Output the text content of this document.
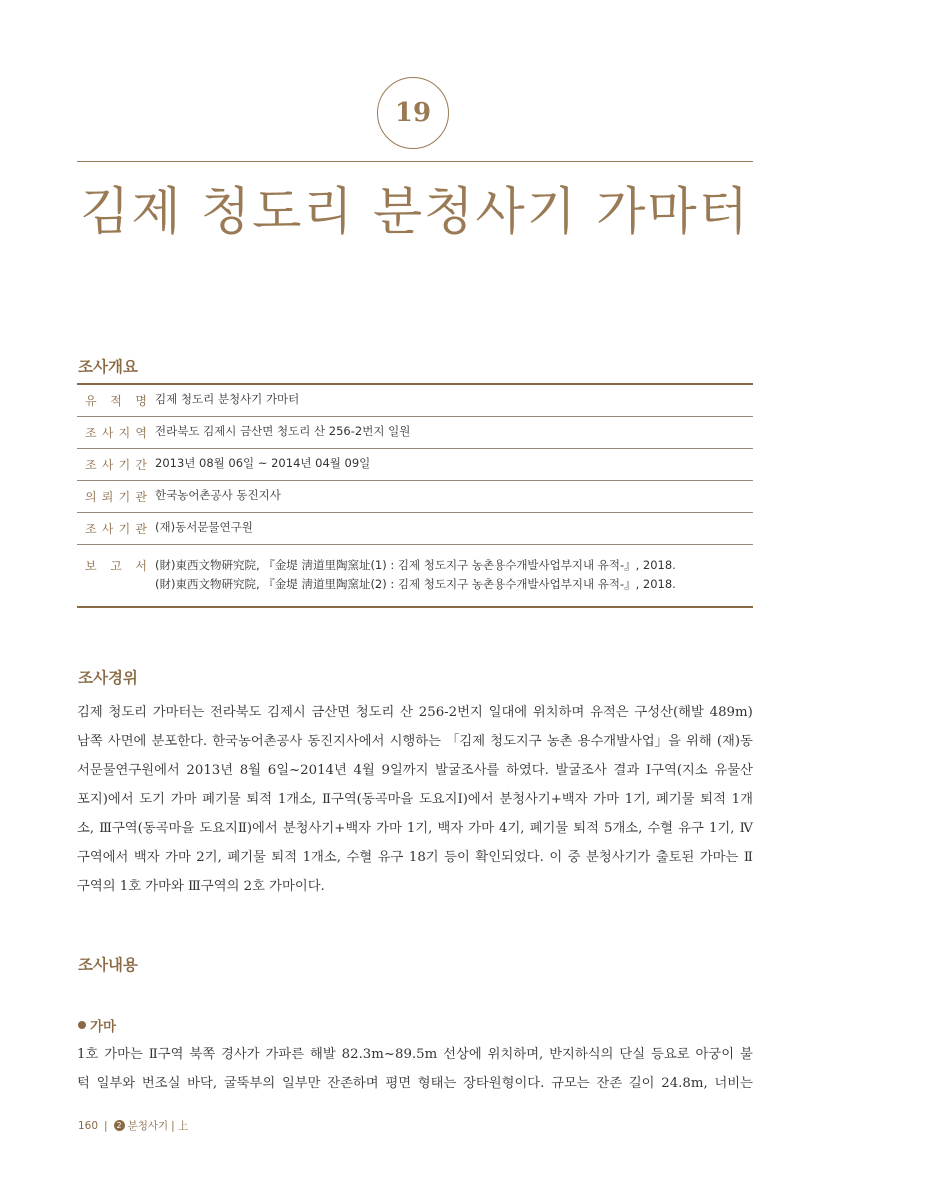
19
김제 청도리 분청사기 가마터
조사개요
유 적 명 김제 청도리 분청사기 가마터
조 사 지 역 전라북도 김제시 금산면 청도리 산 256-2번지 일원
조 사 기 간 2013년 08월 06일 ~ 2014년 04월 09일
의 뢰 기 관 한국농어촌공사 동진지사
조 사 기 관 (재)동서문물연구원
보 고 서 (財)東西文物硏究院, 『金堤 淸道里陶窯址(1) : 김제 청도지구 농촌용수개발사업부지내 유적-』, 2018.
(財)東西文物硏究院, 『金堤 淸道里陶窯址(2) : 김제 청도지구 농촌용수개발사업부지내 유적-』, 2018.
조사경위
김제 청도리 가마터는 전라북도 김제시 금산면 청도리 산 256-2번지 일대에 위치하며 유적은 구성산(해발 489m)
남쪽 사면에 분포한다. 한국농어촌공사 동진지사에서 시행하는 「김제 청도지구 농촌 용수개발사업」을 위해 (재)동
서문물연구원에서 2013년 8월 6일~2014년 4월 9일까지 발굴조사를 하였다. 발굴조사 결과 Ⅰ구역(지소 유물산
포지)에서 도기 가마 폐기물 퇴적 1개소, Ⅱ구역(동곡마을 도요지Ⅰ)에서 분청사기+백자 가마 1기, 폐기물 퇴적 1개
소, Ⅲ구역(동곡마을 도요지Ⅱ)에서 분청사기+백자 가마 1기, 백자 가마 4기, 폐기물 퇴적 5개소, 수혈 유구 1기, Ⅳ
구역에서 백자 가마 2기, 폐기물 퇴적 1개소, 수혈 유구 18기 등이 확인되었다. 이 중 분청사기가 출토된 가마는 Ⅱ
구역의 1호 가마와 Ⅲ구역의 2호 가마이다.
조사내용
가마
1호 가마는 Ⅱ구역 북쪽 경사가 가파른 해발 82.3m~89.5m 선상에 위치하며, 반지하식의 단실 등요로 아궁이 불
턱 일부와 번조실 바닥, 굴뚝부의 일부만 잔존하며 평면 형태는 장타원형이다. 규모는 잔존 길이 24.8m, 너비는
160 |	2 분청사기 | 上
